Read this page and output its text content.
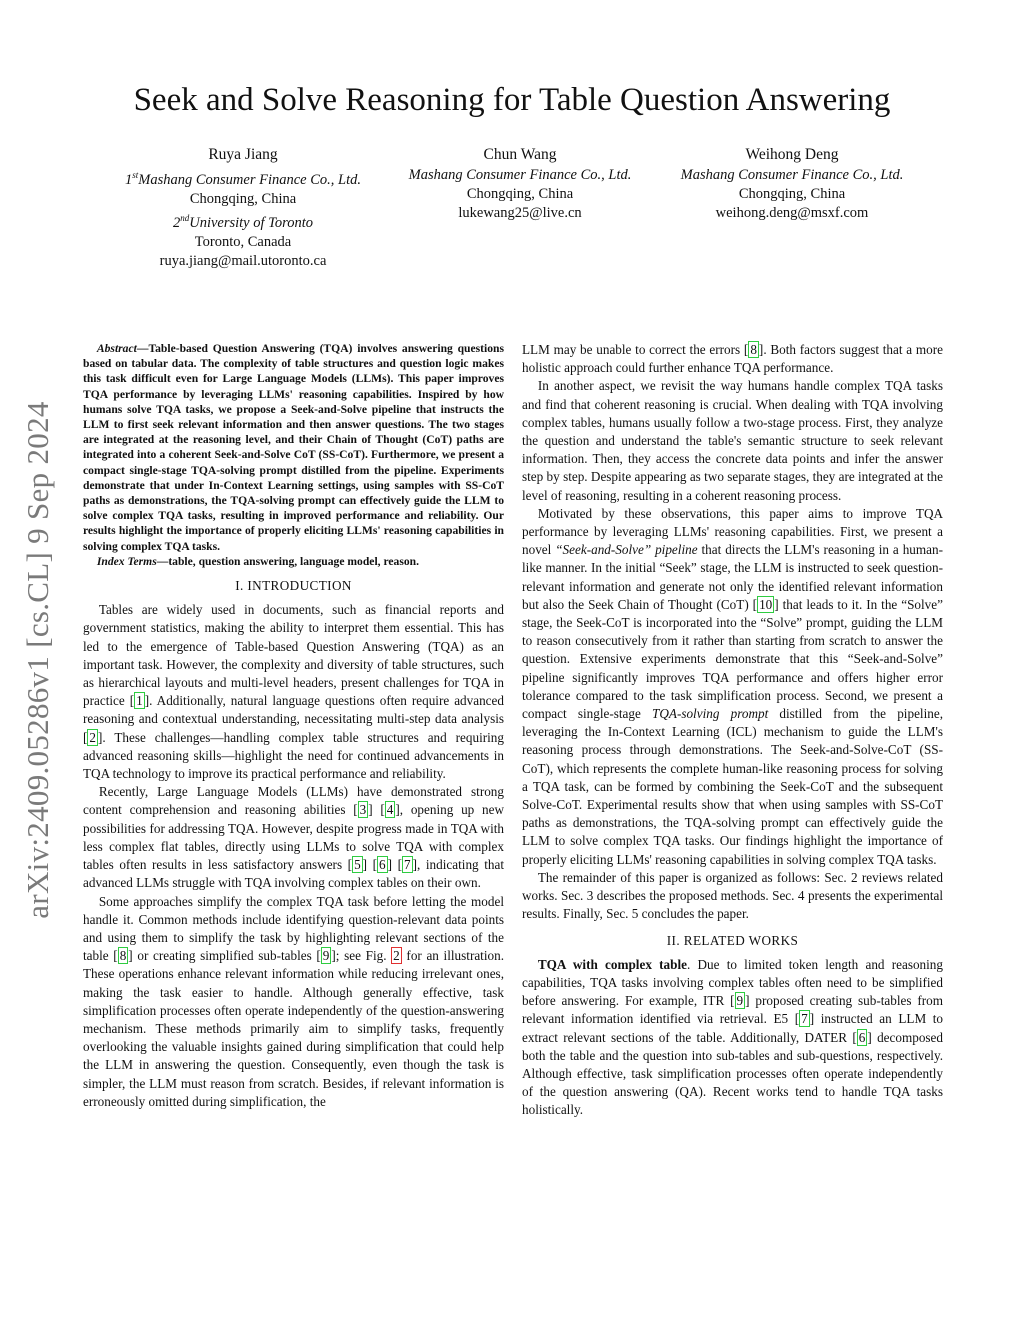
arXiv:2409.05286v1 [cs.CL] 9 Sep 2024
Seek and Solve Reasoning for Table Question Answering
Ruya Jiang
1stMashang Consumer Finance Co., Ltd.
Chongqing, China
2ndUniversity of Toronto
Toronto, Canada
ruya.jiang@mail.utoronto.ca
Chun Wang
Mashang Consumer Finance Co., Ltd.
Chongqing, China
lukewang25@live.cn
Weihong Deng
Mashang Consumer Finance Co., Ltd.
Chongqing, China
weihong.deng@msxf.com

Abstract—Table-based Question Answering (TQA) involves answering questions based on tabular data. The complexity of table structures and question logic makes this task difficult even for Large Language Models (LLMs). This paper improves TQA performance by leveraging LLMs' reasoning capabilities. Inspired by how humans solve TQA tasks, we propose a Seek-and-Solve pipeline that instructs the LLM to first seek relevant information and then answer questions. The two stages are integrated at the reasoning level, and their Chain of Thought (CoT) paths are integrated into a coherent Seek-and-Solve CoT (SS-CoT). Furthermore, we present a compact single-stage TQA-solving prompt distilled from the pipeline. Experiments demonstrate that under In-Context Learning settings, using samples with SS-CoT paths as demonstrations, the TQA-solving prompt can effectively guide the LLM to solve complex TQA tasks, resulting in improved performance and reliability. Our results highlight the importance of properly eliciting LLMs' reasoning capabilities in solving complex TQA tasks.

Index Terms—table, question answering, language model, reason.

I. INTRODUCTION

Tables are widely used in documents, such as financial reports and government statistics, making the ability to interpret them essential. This has led to the emergence of Table-based Question Answering (TQA) as an important task. However, the complexity and diversity of table structures, such as hierarchical layouts and multi-level headers, present challenges for TQA in practice [ 1 ]. Additionally, natural language questions often require advanced reasoning and contextual understanding, necessitating multi-step data analysis [ 2 ]. These challenges—handling complex table structures and requiring advanced reasoning skills—highlight the need for continued advancements in TQA technology to improve its practical performance and reliability.

Recently, Large Language Models (LLMs) have demonstrated strong content comprehension and reasoning abilities [ 3 ] [ 4 ], opening up new possibilities for addressing TQA. However, despite progress made in TQA with less complex flat tables, directly using LLMs to solve TQA with complex tables often results in less satisfactory answers [ 5 ] [ 6 ] [ 7 ], indicating that advanced LLMs struggle with TQA involving complex tables on their own.

Some approaches simplify the complex TQA task before letting the model handle it. Common methods include identifying question-relevant data points and using them to simplify the task by highlighting relevant sections of the table [ 8 ] or creating simplified sub-tables [ 9 ]; see Fig. 2 for an illustration. These operations enhance relevant information while reducing irrelevant ones, making the task easier to handle. Although generally effective, task simplification processes often operate independently of the question-answering mechanism. These methods primarily aim to simplify tasks, frequently overlooking the valuable insights gained during simplification that could help the LLM in answering the question. Consequently, even though the task is simpler, the LLM must reason from scratch. Besides, if relevant information is erroneously omitted during simplification, the

LLM may be unable to correct the errors [ 8 ]. Both factors suggest that a more holistic approach could further enhance TQA performance.

In another aspect, we revisit the way humans handle complex TQA tasks and find that coherent reasoning is crucial. When dealing with TQA involving complex tables, humans usually follow a two-stage process. First, they analyze the question and understand the table's semantic structure to seek relevant information. Then, they access the concrete data points and infer the answer step by step. Despite appearing as two separate stages, they are integrated at the level of reasoning, resulting in a coherent reasoning process.

Motivated by these observations, this paper aims to improve TQA performance by leveraging LLMs' reasoning capabilities. First, we present a novel “Seek-and-Solve” pipeline that directs the LLM's reasoning in a human-like manner. In the initial “Seek” stage, the LLM is instructed to seek question-relevant information and generate not only the identified relevant information but also the Seek Chain of Thought (CoT) [ 10 ] that leads to it. In the “Solve” stage, the Seek-CoT is incorporated into the “Solve” prompt, guiding the LLM to reason consecutively from it rather than starting from scratch to answer the question. Extensive experiments demonstrate that this “Seek-and-Solve” pipeline significantly improves TQA performance and offers higher error tolerance compared to the task simplification process. Second, we present a compact single-stage TQA-solving prompt distilled from the pipeline, leveraging the In-Context Learning (ICL) mechanism to guide the LLM's reasoning process through demonstrations. The Seek-and-Solve-CoT (SS-CoT), which represents the complete human-like reasoning process for solving a TQA task, can be formed by combining the Seek-CoT and the subsequent Solve-CoT. Experimental results show that when using samples with SS-CoT paths as demonstrations, the TQA-solving prompt can effectively guide the LLM to solve complex TQA tasks. Our findings highlight the importance of properly eliciting LLMs' reasoning capabilities in solving complex TQA tasks.

The remainder of this paper is organized as follows: Sec. 2 reviews related works. Sec. 3 describes the proposed methods. Sec. 4 presents the experimental results. Finally, Sec. 5 concludes the paper.

II. RELATED WORKS

TQA with complex table. Due to limited token length and reasoning capabilities, TQA tasks involving complex tables often need to be simplified before answering. For example, ITR [ 9 ] proposed creating sub-tables from relevant information identified via retrieval. E5 [ 7 ] instructed an LLM to extract relevant sections of the table. Additionally, DATER [ 6 ] decomposed both the table and the question into sub-tables and sub-questions, respectively. Although effective, task simplification processes often operate independently of the question answering (QA). Recent works tend to handle TQA tasks holistically.
